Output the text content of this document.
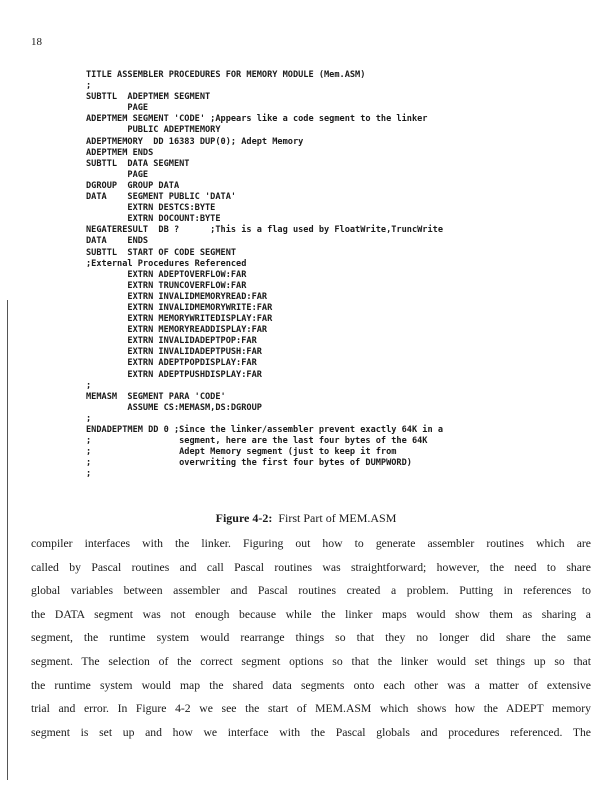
18
TITLE ASSEMBLER PROCEDURES FOR MEMORY MODULE (Mem.ASM)
;
SUBTTL  ADEPTMEM SEGMENT
PAGE
ADEPTMEM SEGMENT 'CODE' ;Appears like a code segment to the linker
PUBLIC ADEPTMEMORY
ADEPTMEMORY  DD 16383 DUP(0); Adept Memory
ADEPTMEM ENDS
SUBTTL  DATA SEGMENT
PAGE
DGROUP  GROUP DATA
DATA    SEGMENT PUBLIC 'DATA'
EXTRN DESTCS:BYTE
EXTRN DOCOUNT:BYTE
NEGATERESULT  DB ?      ;This is a flag used by FloatWrite,TruncWrite
DATA    ENDS
SUBTTL  START OF CODE SEGMENT
;External Procedures Referenced
EXTRN ADEPTOVERFLOW:FAR
EXTRN TRUNCOVERFLOW:FAR
EXTRN INVALIDMEMORYREAD:FAR
EXTRN INVALIDMEMORYWRITE:FAR
EXTRN MEMORYWRITEDISPLAY:FAR
EXTRN MEMORYREADDISPLAY:FAR
EXTRN INVALIDADEPTPOP:FAR
EXTRN INVALIDADEPTPUSH:FAR
EXTRN ADEPTPOPDISPLAY:FAR
EXTRN ADEPTPUSHDISPLAY:FAR
;
MEMASM  SEGMENT PARA 'CODE'
ASSUME CS:MEMASM,DS:DGROUP
;
ENDADEPTMEM DD 0 ;Since the linker/assembler prevent exactly 64K in a
;                 segment, here are the last four bytes of the 64K
;                 Adept Memory segment (just to keep it from
;                 overwriting the first four bytes of DUMPWORD)
;
Figure 4-2: First Part of MEM.ASM
compiler interfaces with the linker. Figuring out how to generate assembler routines which are
called by Pascal routines and call Pascal routines was straightforward; however, the need to share
global variables between assembler and Pascal routines created a problem. Putting in references to
the DATA segment was not enough because while the linker maps would show them as sharing a
segment, the runtime system would rearrange things so that they no longer did share the same
segment. The selection of the correct segment options so that the linker would set things up so that
the runtime system would map the shared data segments onto each other was a matter of extensive
trial and error. In Figure 4-2 we see the start of MEM.ASM which shows how the ADEPT memory
segment is set up and how we interface with the Pascal globals and procedures referenced. The
